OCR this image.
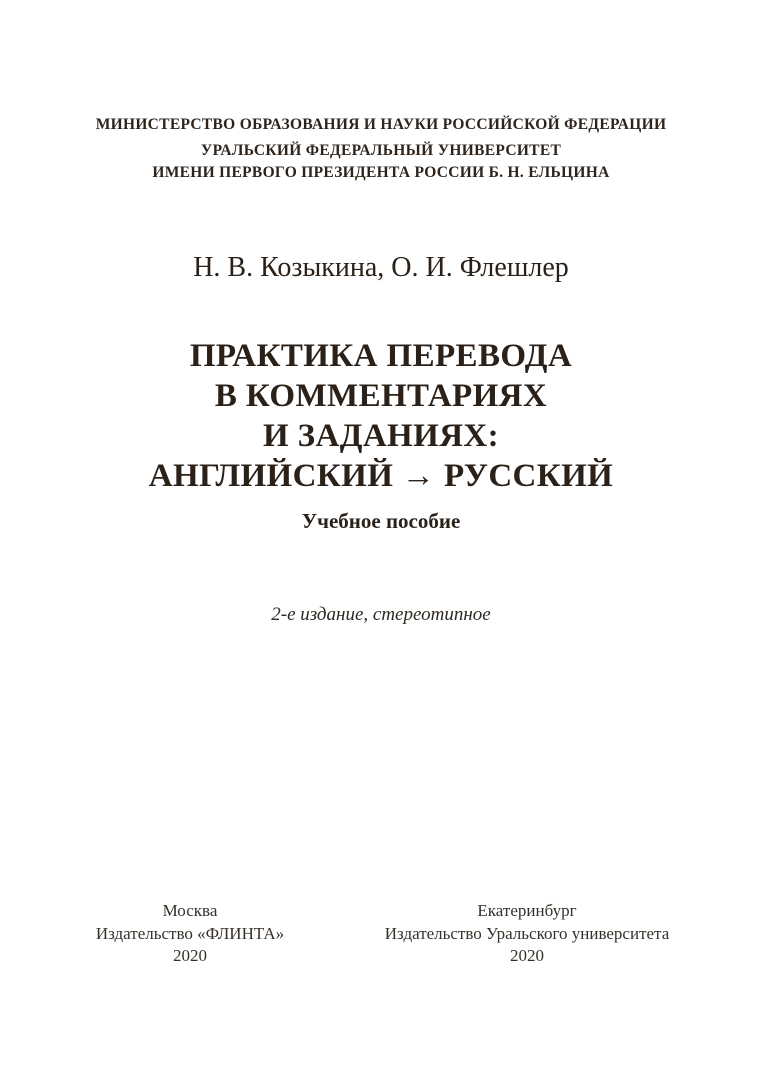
МИНИСТЕРСТВО ОБРАЗОВАНИЯ И НАУКИ РОССИЙСКОЙ ФЕДЕРАЦИИ
УРАЛЬСКИЙ ФЕДЕРАЛЬНЫЙ УНИВЕРСИТЕТ
ИМЕНИ ПЕРВОГО ПРЕЗИДЕНТА РОССИИ Б. Н. ЕЛЬЦИНА
Н. В. Козыкина, О. И. Флешлер
ПРАКТИКА ПЕРЕВОДА
В КОММЕНТАРИЯХ
И ЗАДАНИЯХ:
АНГЛИЙСКИЙ → РУССКИЙ
Учебное пособие
2-е издание, стереотипное
Москва
Издательство «ФЛИНТА»
2020
Екатеринбург
Издательство Уральского университета
2020
